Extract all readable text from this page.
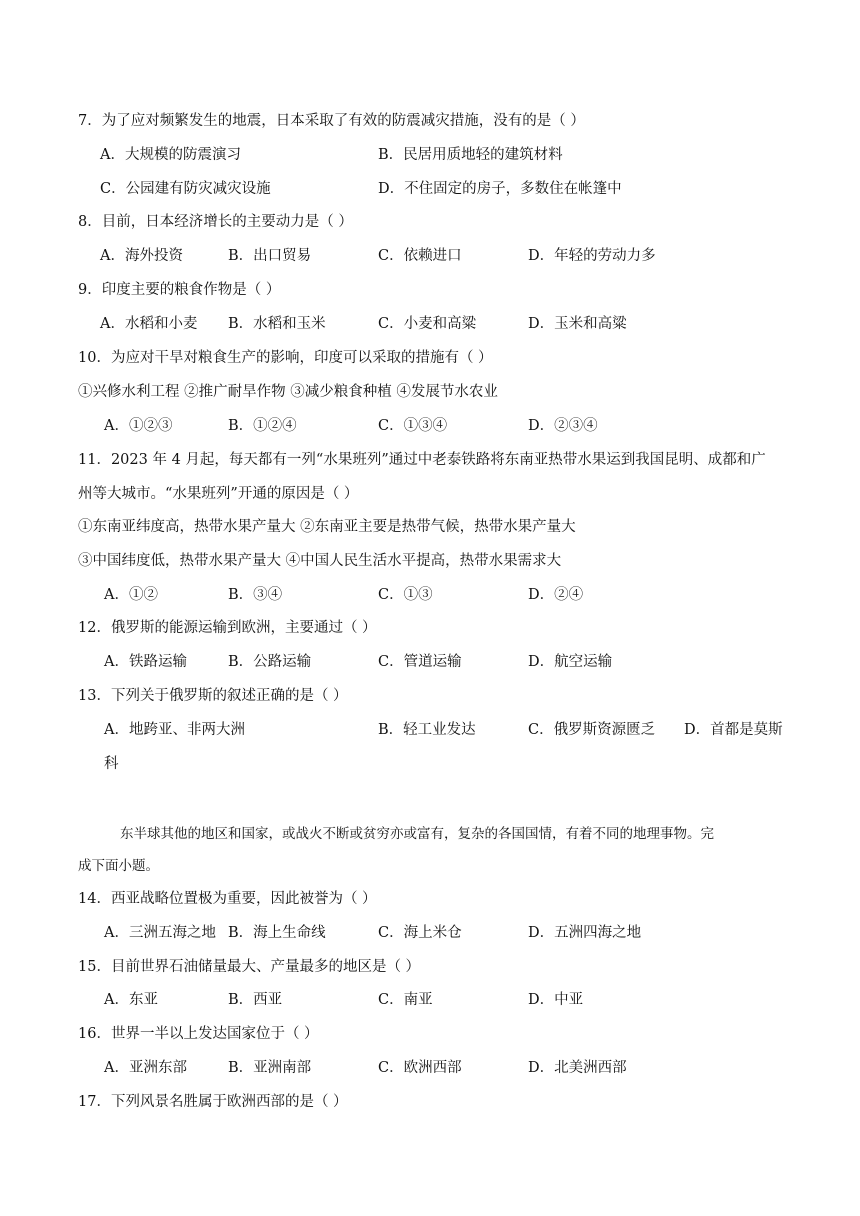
7．为了应对频繁发生的地震，日本采取了有效的防震减灾措施，没有的是（ ）
A．大规模的防震演习	B．民居用质地轻的建筑材料
C．公园建有防灾减灾设施	D．不住固定的房子，多数住在帐篷中
8．目前，日本经济增长的主要动力是（ ）
A．海外投资	B．出口贸易	C．依赖进口	D．年轻的劳动力多
9．印度主要的粮食作物是（ ）
A．水稻和小麦 B．水稻和玉米	C．小麦和高粱	D．玉米和高粱
10．为应对干旱对粮食生产的影响，印度可以采取的措施有（ ）
①兴修水利工程 ②推广耐旱作物 ③减少粮食种植 ④发展节水农业
A．①②③	B．①②④	C．①③④	D．②③④
11．2023 年 4 月起，每天都有一列“水果班列”通过中老泰铁路将东南亚热带水果运到我国昆明、成都和广
州等大城市。“水果班列”开通的原因是（ ）
①东南亚纬度高，热带水果产量大 ②东南亚主要是热带气候，热带水果产量大
③中国纬度低，热带水果产量大 ④中国人民生活水平提高，热带水果需求大
A．①②	B．③④	C．①③	D．②④
12．俄罗斯的能源运输到欧洲，主要通过（ ）
A．铁路运输	B．公路运输	C．管道运输	D．航空运输
13．下列关于俄罗斯的叙述正确的是（ ）
A．地跨亚、非两大洲	B．轻工业发达	C．俄罗斯资源匮乏 D．首都是莫斯
科
东半球其他的地区和国家，或战火不断或贫穷亦或富有，复杂的各国国情，有着不同的地理事物。完
成下面小题。
14．西亚战略位置极为重要，因此被誉为（ ）
A．三洲五海之地 B．海上生命线	C．海上米仓	D．五洲四海之地
15．目前世界石油储量最大、产量最多的地区是（ ）
A．东亚	B．西亚	C．南亚	D．中亚
16．世界一半以上发达国家位于（ ）
A．亚洲东部	B．亚洲南部	C．欧洲西部	D．北美洲西部
17．下列风景名胜属于欧洲西部的是（ ）
